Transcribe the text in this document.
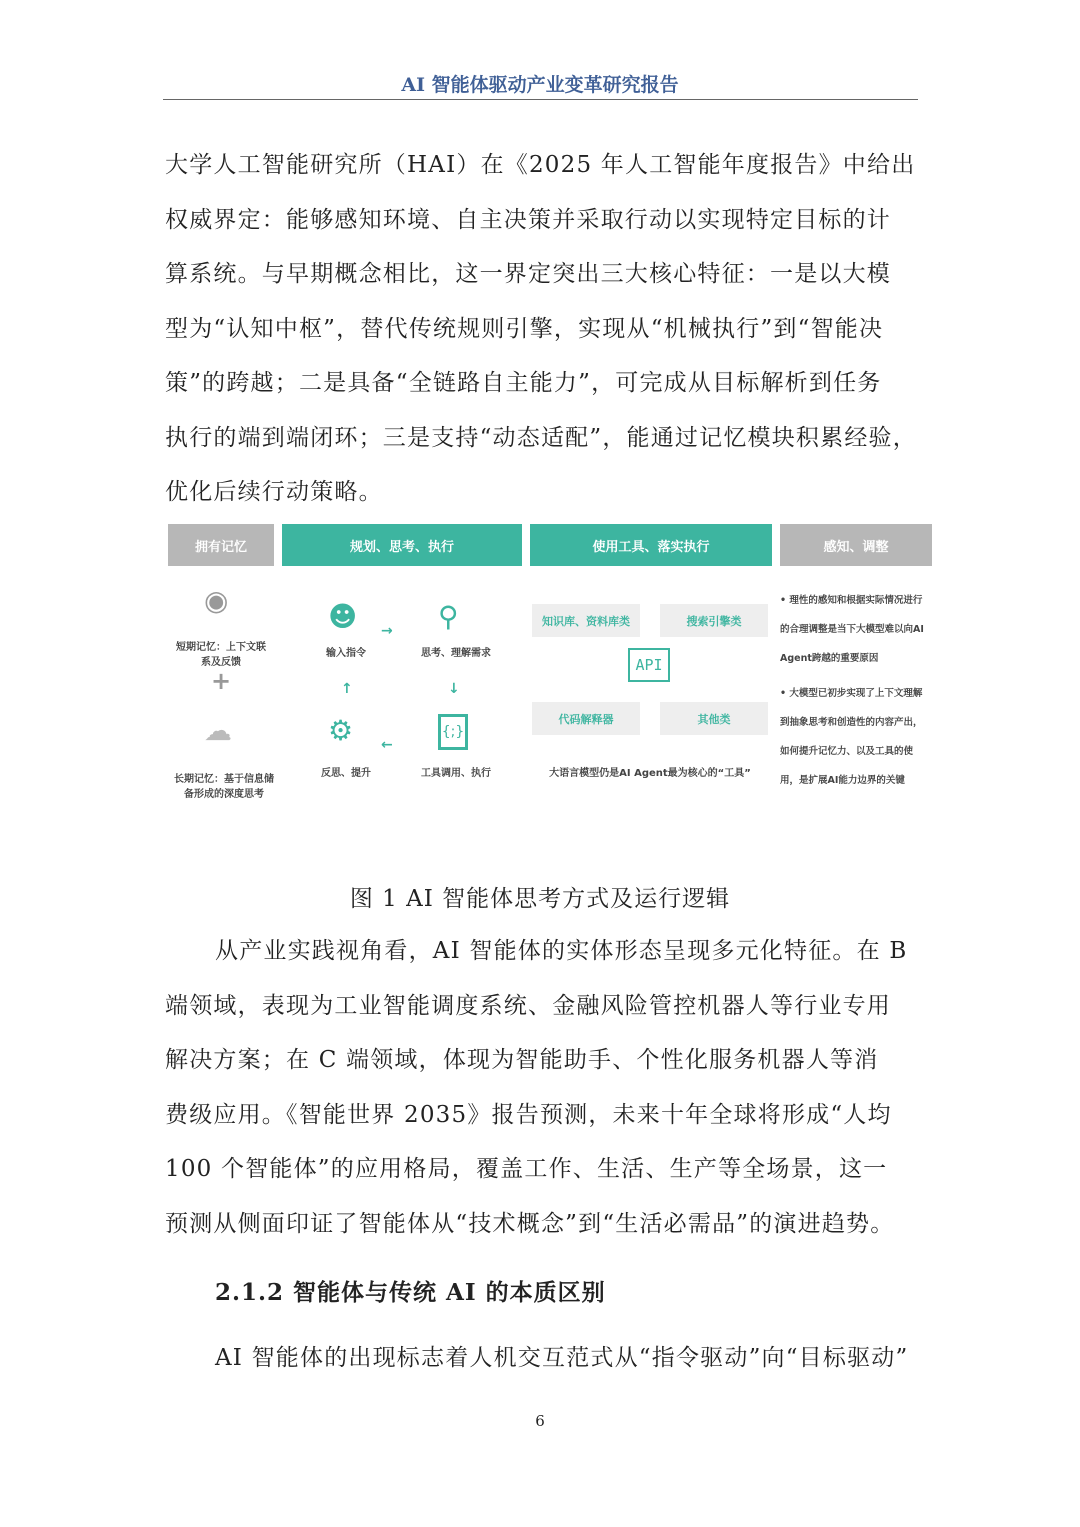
AI 智能体驱动产业变革研究报告
大学人工智能研究所（HAI）在《2025 年人工智能年度报告》中给出
权威界定：能够感知环境、自主决策并采取行动以实现特定目标的计
算系统。与早期概念相比，这一界定突出三大核心特征：一是以大模
型为“认知中枢”，替代传统规则引擎，实现从“机械执行”到“智能决
策”的跨越；二是具备“全链路自主能力”，可完成从目标解析到任务
执行的端到端闭环；三是支持“动态适配”，能通过记忆模块积累经验，
优化后续行动策略。
拥有记忆	规划、思考、执行	使用工具、落实执行	感知、调整
◉
短期记忆：上下文联系及反馈
+
☁
长期记忆：基于信息储备形成的深度思考
☻
输入指令
⚲
思考、理解需求
{;}
工具调用、执行
⚙
反思、提升
→
↓
←
↑
知识库、资料库类	搜索引擎类
代码解释器	其他类
API
大语言模型仍是AI Agent最为核心的“工具”
• 理性的感知和根据实际情况进行的合理调整是当下大模型难以向AI Agent跨越的重要原因
• 大模型已初步实现了上下文理解到抽象思考和创造性的内容产出，如何提升记忆力、以及工具的使用，是扩展AI能力边界的关键
图 1 AI 智能体思考方式及运行逻辑
从产业实践视角看，AI 智能体的实体形态呈现多元化特征。在 B
端领域，表现为工业智能调度系统、金融风险管控机器人等行业专用
解决方案；在 C 端领域，体现为智能助手、个性化服务机器人等消
费级应用。《智能世界 2035》报告预测，未来十年全球将形成“人均
100 个智能体”的应用格局，覆盖工作、生活、生产等全场景，这一
预测从侧面印证了智能体从“技术概念”到“生活必需品”的演进趋势。
2.1.2 智能体与传统 AI 的本质区别
AI 智能体的出现标志着人机交互范式从“指令驱动”向“目标驱动”
6
